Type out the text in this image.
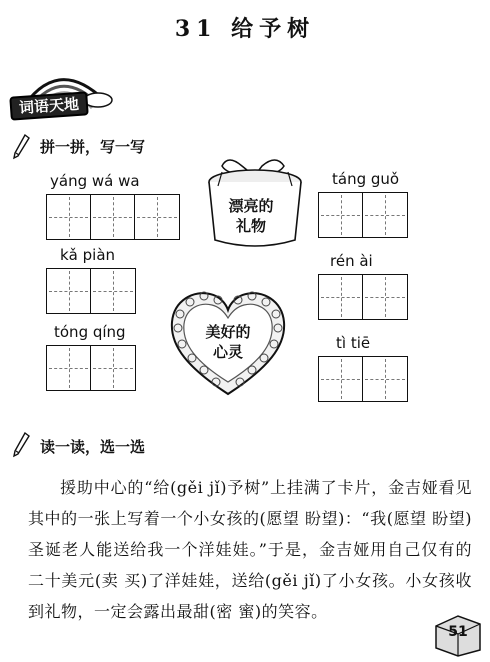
31 给予树
词语天地
拼一拼，写一写
yáng wá wa
kǎ piàn
tóng qíng
táng guǒ
rén ài
tì tiē
漂亮的
礼物
美好的
心灵
读一读，选一选
援助中心的“给(gěi jǐ)予树”上挂满了卡片，金吉娅看见其中的一张上写着一个小女孩的(愿望 盼望)：“我(愿望 盼望)圣诞老人能送给我一个洋娃娃。”于是，金吉娅用自己仅有的二十美元(卖 买)了洋娃娃，送给(gěi jǐ)了小女孩。小女孩收到礼物，一定会露出最甜(密 蜜)的笑容。
51
